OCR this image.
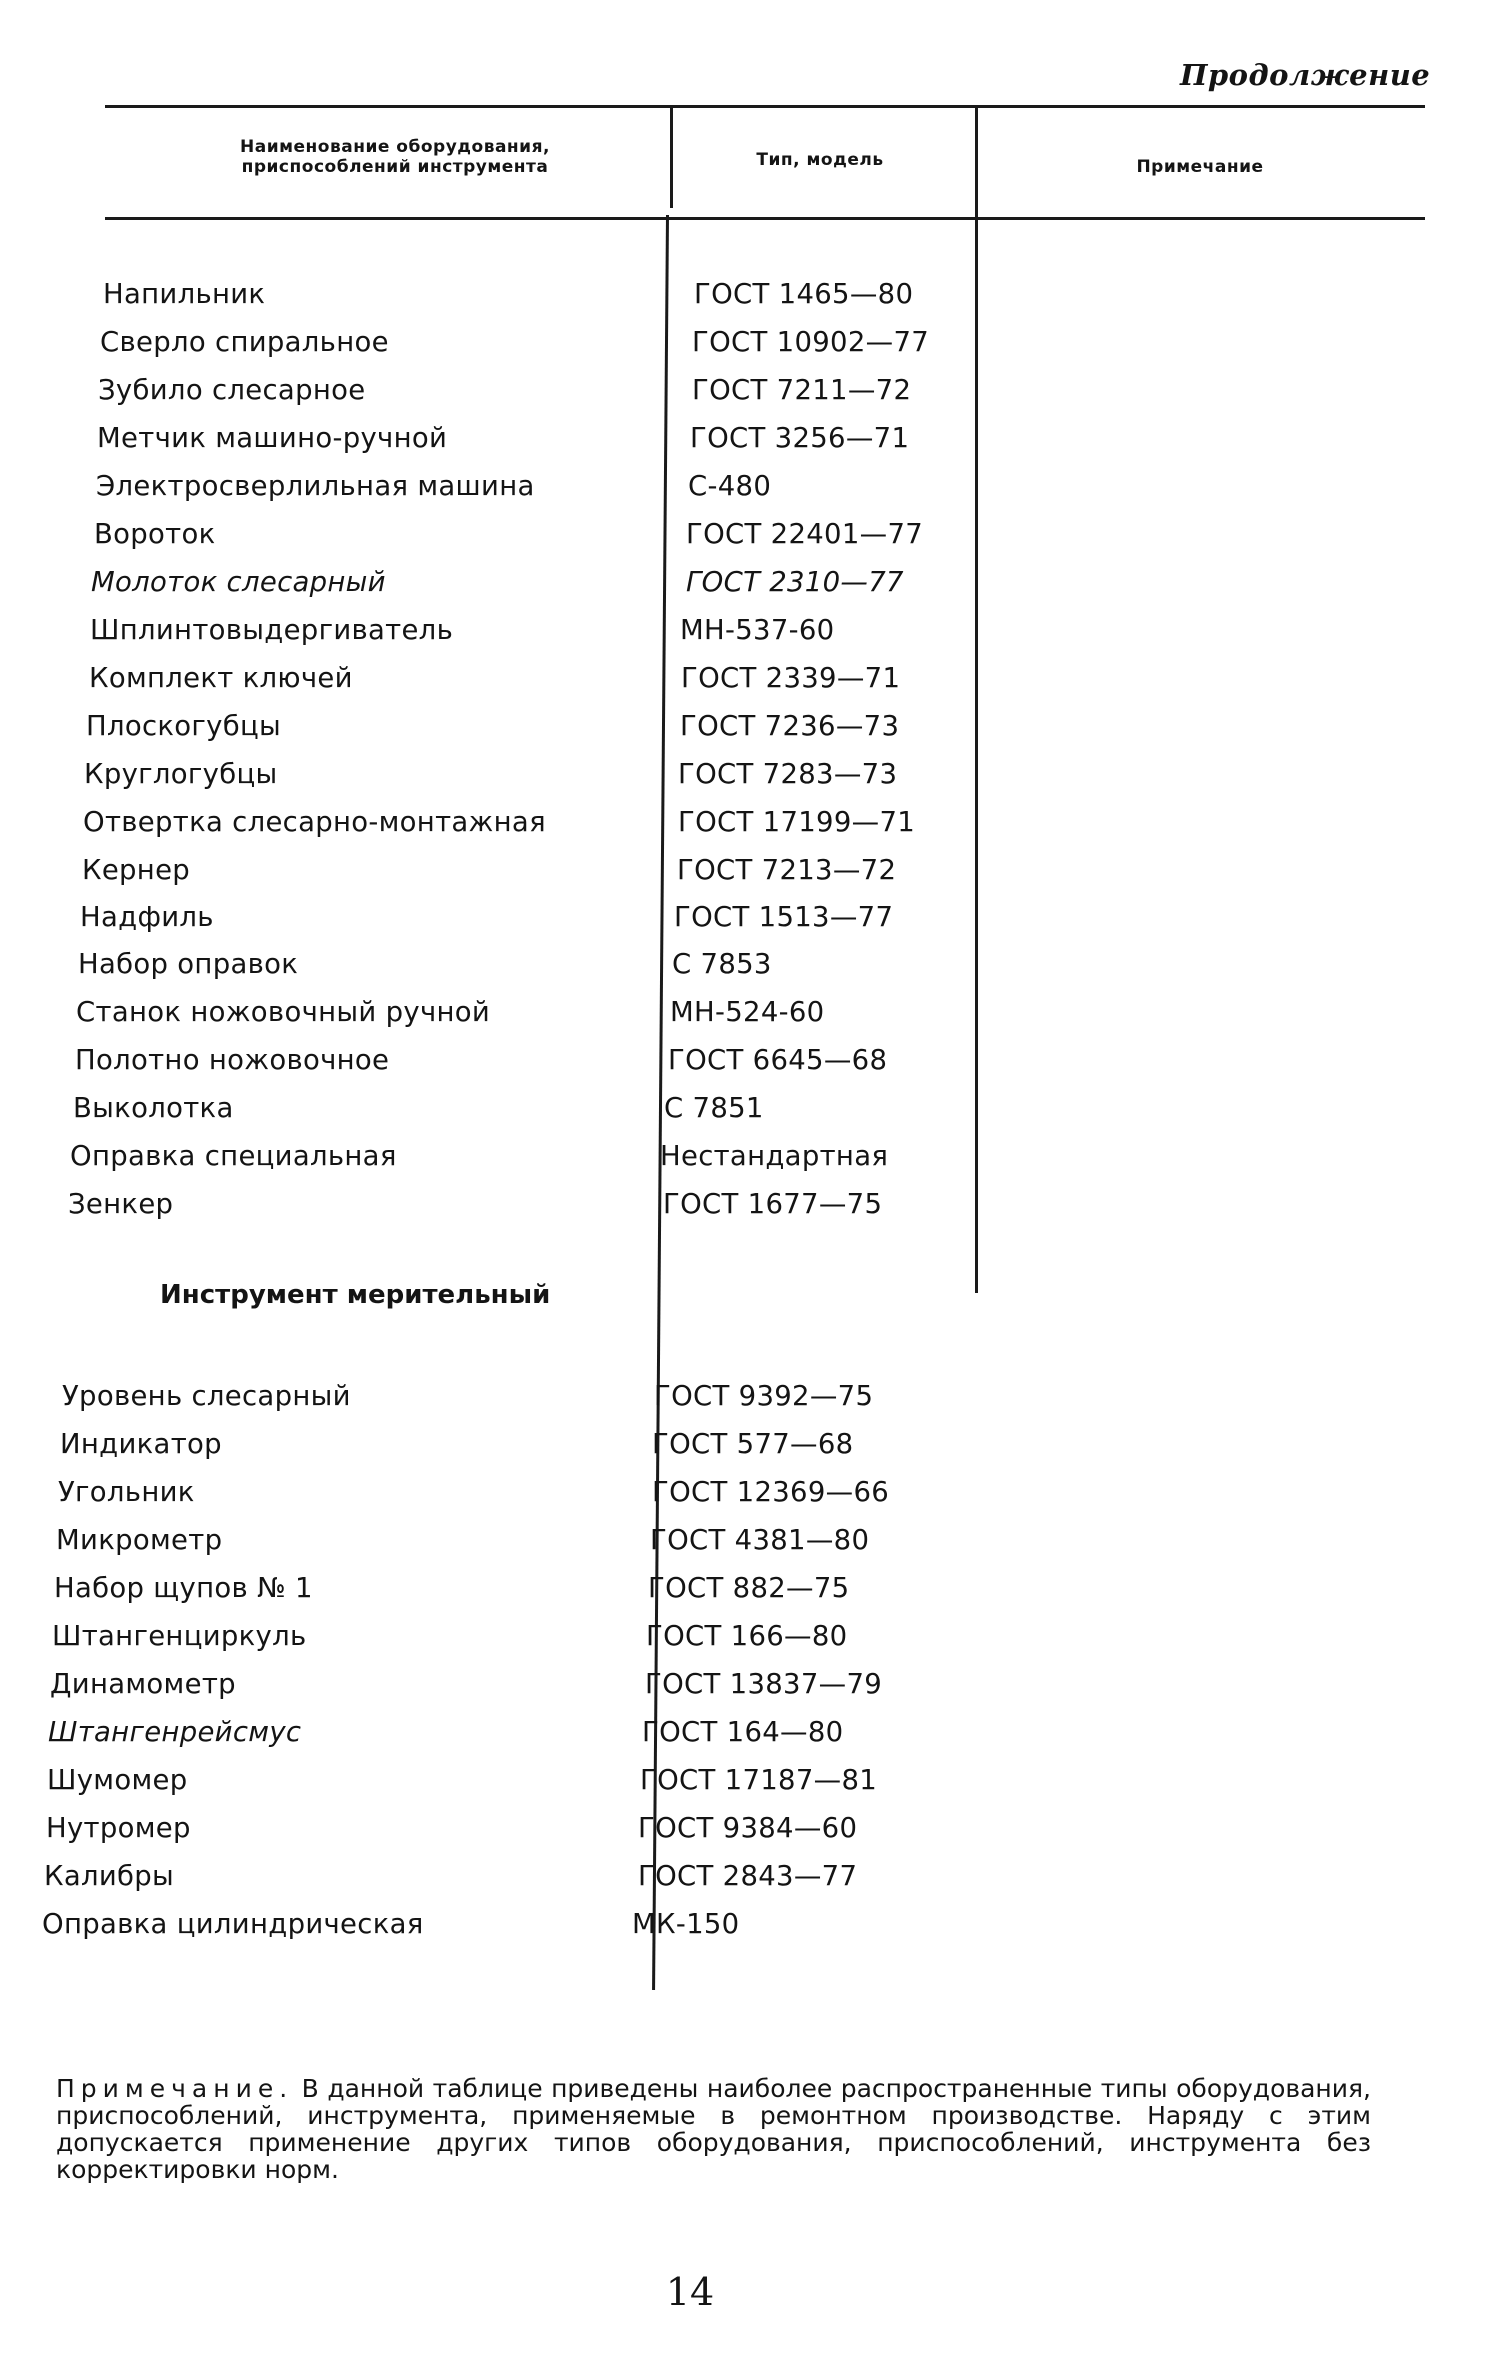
Продолжение
Наименование оборудования, приспособлений инструмента	Тип, модель	Примечание
Напильник	ГОСТ 1465—80
Сверло спиральное	ГОСТ 10902—77
Зубило слесарное	ГОСТ 7211—72
Метчик машино-ручной	ГОСТ 3256—71
Электросверлильная машина	С-480
Вороток	ГОСТ 22401—77
Молоток слесарный	ГОСТ 2310—77
Шплинтовыдергиватель	МН-537-60
Комплект ключей	ГОСТ 2339—71
Плоскогубцы	ГОСТ 7236—73
Круглогубцы	ГОСТ 7283—73
Отвертка слесарно-монтажная	ГОСТ 17199—71
Кернер	ГОСТ 7213—72
Надфиль	ГОСТ 1513—77
Набор оправок	С 7853
Станок ножовочный ручной	МН-524-60
Полотно ножовочное	ГОСТ 6645—68
Выколотка	С 7851
Оправка специальная	Нестандартная
Зенкер	ГОСТ 1677—75
Инструмент мерительный
Уровень слесарный	ГОСТ 9392—75
Индикатор	ГОСТ 577—68
Угольник	ГОСТ 12369—66
Микрометр	ГОСТ 4381—80
Набор щупов № 1	ГОСТ 882—75
Штангенциркуль	ГОСТ 166—80
Динамометр	ГОСТ 13837—79
Штангенрейсмус	ГОСТ 164—80
Шумомер	ГОСТ 17187—81
Нутромер	ГОСТ 9384—60
Калибры	ГОСТ 2843—77
Оправка цилиндрическая	МК-150
Примечание. В данной таблице приведены наиболее распространенные типы оборудования, приспособлений, инструмента, применяемые в ремонтном производстве. Наряду с этим допускается применение других типов оборудования, приспособлений, инструмента без корректировки норм.
14
